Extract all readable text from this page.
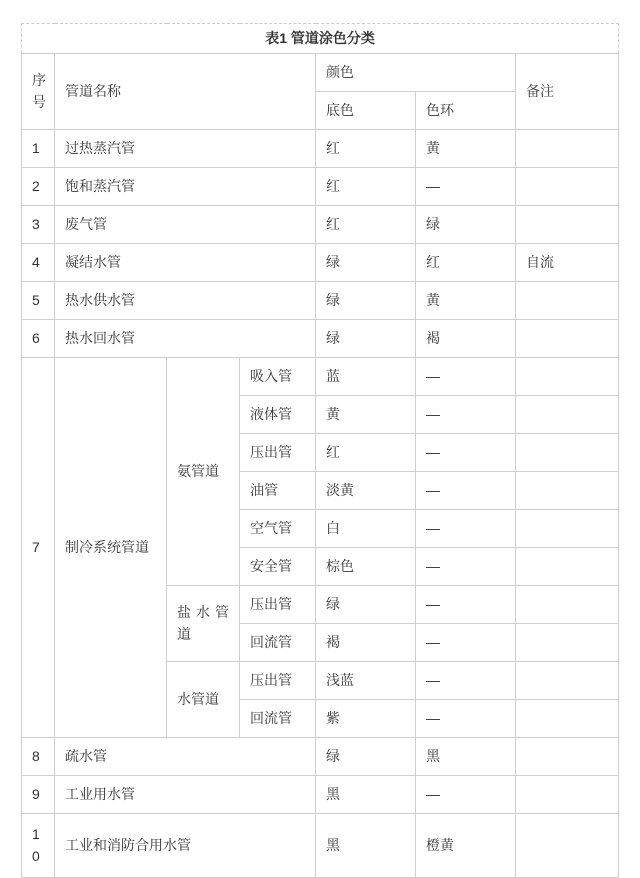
表1 管道涂色分类						
序号	管道名称			颜色		备注
				底色	色环	
1	过热蒸汽管			红	黄	
2	饱和蒸汽管			红	—	
3	废气管			红	绿	
4	凝结水管			绿	红	自流
5	热水供水管			绿	黄	
6	热水回水管			绿	褐	
7	制冷系统管道	氨管道	吸入管	蓝	—	
			液体管	黄	—	
			压出管	红	—	
			油管	淡黄	—	
			空气管	白	—	
			安全管	棕色	—	
		盐水管道	压出管	绿	—	
			回流管	褐	—	
		水管道	压出管	浅蓝	—	
			回流管	紫	—	
8	疏水管			绿	黑	
9	工业用水管			黑	—	
10	工业和消防合用水管			黑	橙黄	
